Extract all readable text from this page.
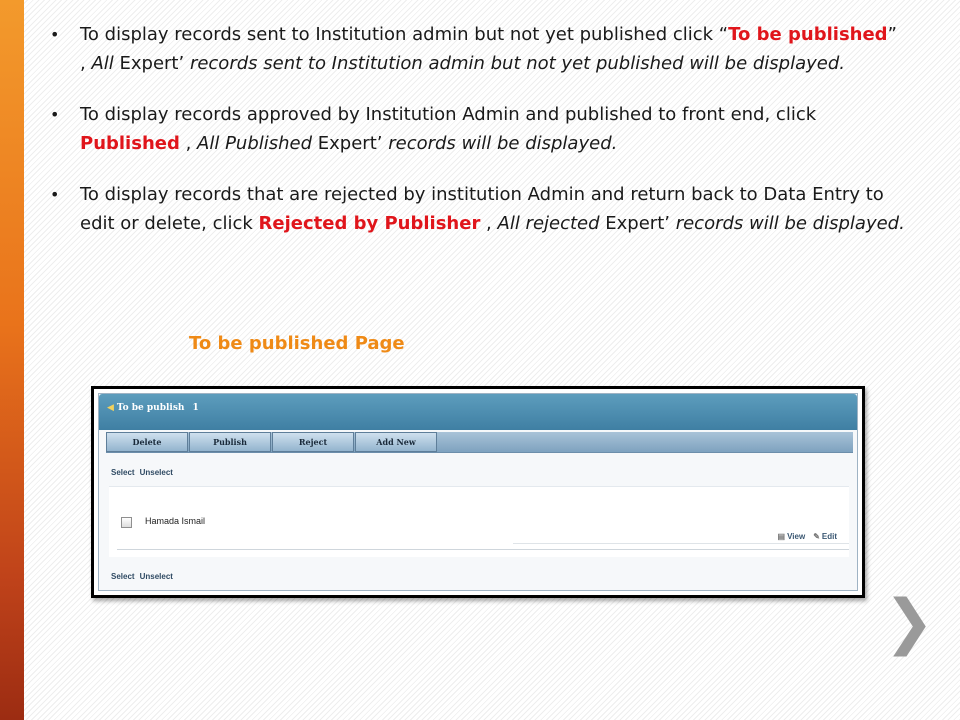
• To display records sent to Institution admin but not yet published click “To be published” , All Expert’ records sent to Institution admin but not yet published will be displayed.
• To display records approved by Institution Admin and published to front end, click Published , All Published Expert’ records will be displayed.
• To display records that are rejected by institution Admin and return back to Data Entry to edit or delete, click Rejected by Publisher , All rejected Expert’ records will be displayed.
To be published Page
◀ To be publish 1
Delete	Publish	Reject	Add New
Select Unselect
Hamada Ismail
▤ View ✎ Edit
Select Unselect
❯
